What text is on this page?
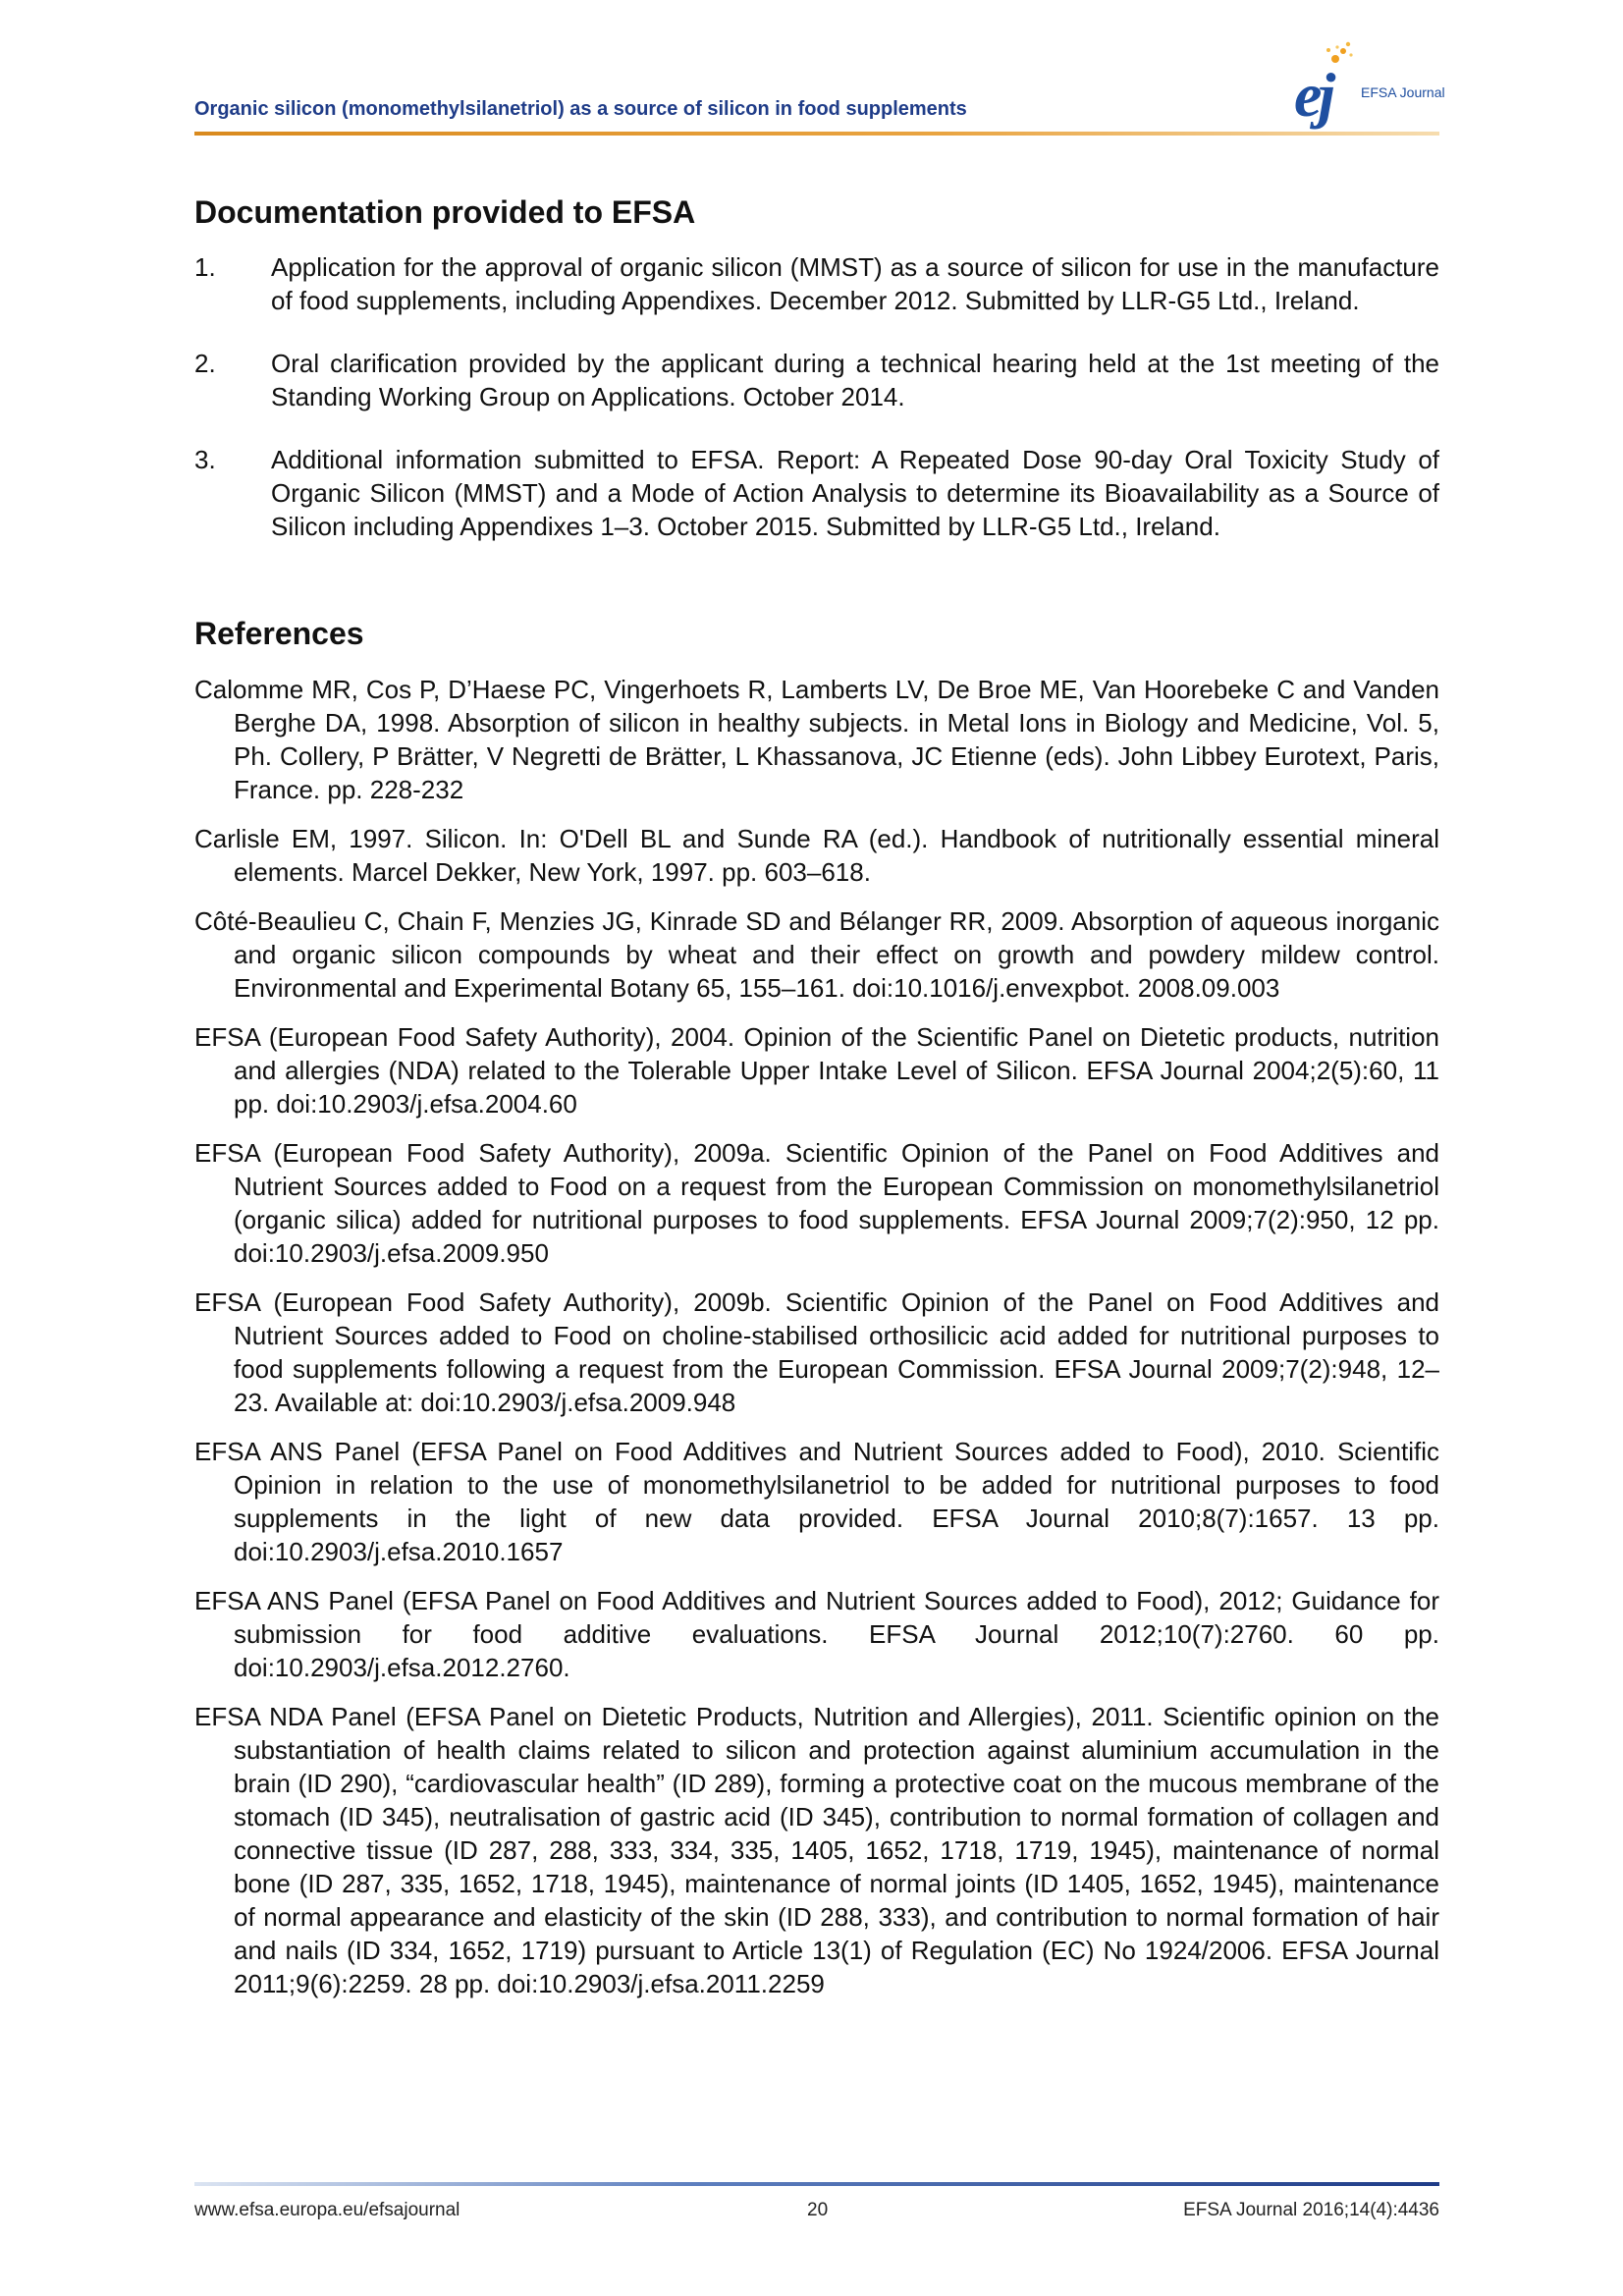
Organic silicon (monomethylsilanetriol) as a source of silicon in food supplements	ej EFSA Journal
Documentation provided to EFSA
1. Application for the approval of organic silicon (MMST) as a source of silicon for use in the manufacture of food supplements, including Appendixes. December 2012. Submitted by LLR-G5 Ltd., Ireland.
2. Oral clarification provided by the applicant during a technical hearing held at the 1st meeting of the Standing Working Group on Applications. October 2014.
3. Additional information submitted to EFSA. Report: A Repeated Dose 90-day Oral Toxicity Study of Organic Silicon (MMST) and a Mode of Action Analysis to determine its Bioavailability as a Source of Silicon including Appendixes 1–3. October 2015. Submitted by LLR-G5 Ltd., Ireland.
References
Calomme MR, Cos P, D’Haese PC, Vingerhoets R, Lamberts LV, De Broe ME, Van Hoorebeke C and Vanden Berghe DA, 1998. Absorption of silicon in healthy subjects. in Metal Ions in Biology and Medicine, Vol. 5, Ph. Collery, P Brätter, V Negretti de Brätter, L Khassanova, JC Etienne (eds). John Libbey Eurotext, Paris, France. pp. 228-232
Carlisle EM, 1997. Silicon. In: O'Dell BL and Sunde RA (ed.). Handbook of nutritionally essential mineral elements. Marcel Dekker, New York, 1997. pp. 603–618.
Côté-Beaulieu C, Chain F, Menzies JG, Kinrade SD and Bélanger RR, 2009. Absorption of aqueous inorganic and organic silicon compounds by wheat and their effect on growth and powdery mildew control. Environmental and Experimental Botany 65, 155–161. doi:10.1016/j.envexpbot. 2008.09.003
EFSA (European Food Safety Authority), 2004. Opinion of the Scientific Panel on Dietetic products, nutrition and allergies (NDA) related to the Tolerable Upper Intake Level of Silicon. EFSA Journal 2004;2(5):60, 11 pp. doi:10.2903/j.efsa.2004.60
EFSA (European Food Safety Authority), 2009a. Scientific Opinion of the Panel on Food Additives and Nutrient Sources added to Food on a request from the European Commission on monomethylsilanetriol (organic silica) added for nutritional purposes to food supplements. EFSA Journal 2009;7(2):950, 12 pp. doi:10.2903/j.efsa.2009.950
EFSA (European Food Safety Authority), 2009b. Scientific Opinion of the Panel on Food Additives and Nutrient Sources added to Food on choline-stabilised orthosilicic acid added for nutritional purposes to food supplements following a request from the European Commission. EFSA Journal 2009;7(2):948, 12–23. Available at: doi:10.2903/j.efsa.2009.948
EFSA ANS Panel (EFSA Panel on Food Additives and Nutrient Sources added to Food), 2010. Scientific Opinion in relation to the use of monomethylsilanetriol to be added for nutritional purposes to food supplements in the light of new data provided. EFSA Journal 2010;8(7):1657. 13 pp. doi:10.2903/j.efsa.2010.1657
EFSA ANS Panel (EFSA Panel on Food Additives and Nutrient Sources added to Food), 2012; Guidance for submission for food additive evaluations. EFSA Journal 2012;10(7):2760. 60 pp. doi:10.2903/j.efsa.2012.2760.
EFSA NDA Panel (EFSA Panel on Dietetic Products, Nutrition and Allergies), 2011. Scientific opinion on the substantiation of health claims related to silicon and protection against aluminium accumulation in the brain (ID 290), “cardiovascular health” (ID 289), forming a protective coat on the mucous membrane of the stomach (ID 345), neutralisation of gastric acid (ID 345), contribution to normal formation of collagen and connective tissue (ID 287, 288, 333, 334, 335, 1405, 1652, 1718, 1719, 1945), maintenance of normal bone (ID 287, 335, 1652, 1718, 1945), maintenance of normal joints (ID 1405, 1652, 1945), maintenance of normal appearance and elasticity of the skin (ID 288, 333), and contribution to normal formation of hair and nails (ID 334, 1652, 1719) pursuant to Article 13(1) of Regulation (EC) No 1924/2006. EFSA Journal 2011;9(6):2259. 28 pp. doi:10.2903/j.efsa.2011.2259
www.efsa.europa.eu/efsajournal	20	EFSA Journal 2016;14(4):4436
